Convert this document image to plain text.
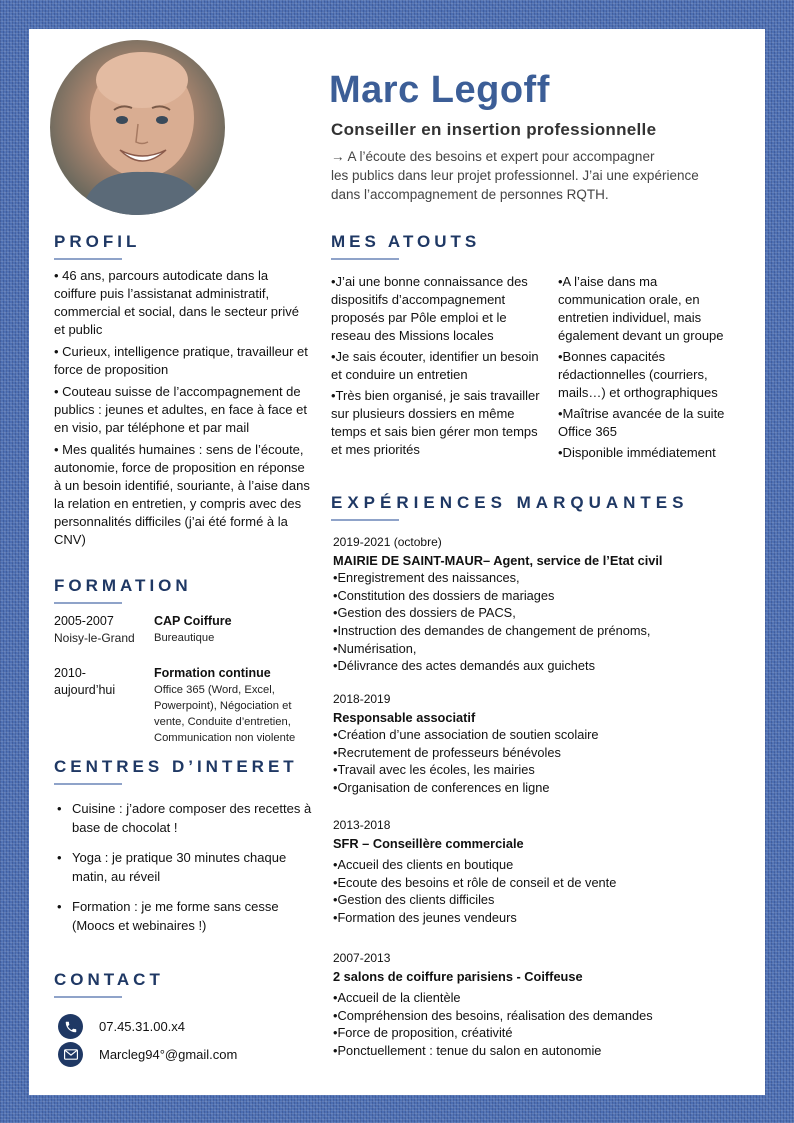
Marc Legoff
Conseiller en insertion professionnelle
→ A l’écoute des besoins et expert pour accompagner
les publics dans leur projet professionnel. J’ai une expérience
dans l’accompagnement de personnes RQTH.
PROFIL
• 46 ans, parcours autodicate dans la coiffure puis l’assistanat administratif, commercial et social, dans le secteur privé et public
• Curieux, intelligence pratique, travailleur et force de proposition
• Couteau suisse de l’accompagnement de publics : jeunes et adultes, en face à face et en visio, par téléphone et par mail
• Mes qualités humaines : sens de l’écoute, autonomie, force de proposition en réponse à un besoin identifié, souriante, à l’aise dans la relation en entretien, y compris avec des personnalités difficiles (j’ai été formé à la CNV)
FORMATION
2005-2007
Noisy-le-Grand
CAP Coiffure
Bureautique
2010-
aujourd’hui
Formation continue
Office 365 (Word, Excel, Powerpoint), Négociation et vente, Conduite d’entretien, Communication non violente
CENTRES D’INTERET
• Cuisine : j’adore composer des recettes à base de chocolat !
• Yoga : je pratique 30 minutes chaque matin, au réveil
• Formation : je me forme sans cesse (Moocs et webinaires !)
CONTACT
07.45.31.00.x4
Marcleg94°@gmail.com
MES ATOUTS
•J’ai une bonne connaissance des dispositifs d’accompagnement proposés par Pôle emploi et le reseau des Missions locales
•Je sais écouter, identifier un besoin et conduire un entretien
•Très bien organisé, je sais travailler sur plusieurs dossiers en même temps et sais bien gérer mon temps et mes priorités
•A l’aise dans ma communication orale, en entretien individuel, mais également devant un groupe
•Bonnes capacités rédactionnelles (courriers, mails…) et orthographiques
•Maîtrise avancée de la suite Office 365
•Disponible immédiatement
EXPÉRIENCES MARQUANTES
2019-2021 (octobre)
MAIRIE DE SAINT-MAUR– Agent, service de l’Etat civil
•Enregistrement des naissances,
•Constitution des dossiers de mariages
•Gestion des dossiers de PACS,
•Instruction des demandes de changement de prénoms,
•Numérisation,
•Délivrance des actes demandés aux guichets
2018-2019
Responsable associatif
•Création d’une association de soutien scolaire
•Recrutement de professeurs bénévoles
•Travail avec les écoles, les mairies
•Organisation de conferences en ligne
2013-2018
SFR – Conseillère commerciale
•Accueil des clients en boutique
•Ecoute des besoins et rôle de conseil et de vente
•Gestion des clients difficiles
•Formation des jeunes vendeurs
2007-2013
2 salons de coiffure parisiens - Coiffeuse
•Accueil de la clientèle
•Compréhension des besoins, réalisation des demandes
•Force de proposition, créativité
•Ponctuellement : tenue du salon en autonomie
